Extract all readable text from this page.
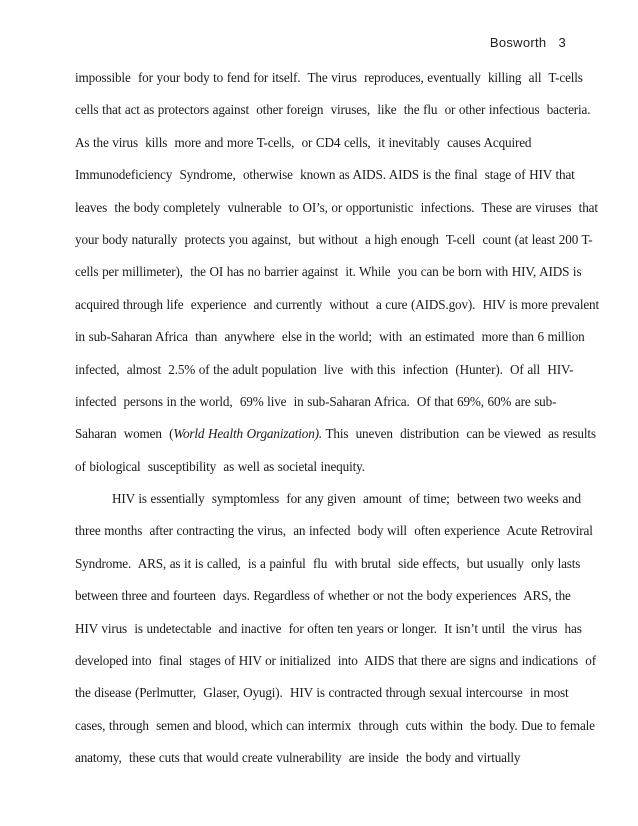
Bosworth 3
impossible  for your body to fend for itself.  The virus  reproduces, eventually  killing  all  T-cells
cells that act as protectors against  other foreign  viruses,  like  the flu  or other infectious  bacteria.
As the virus  kills  more and more T-cells,  or CD4 cells,  it inevitably  causes Acquired
Immunodeficiency  Syndrome,  otherwise  known as AIDS. AIDS is the final  stage of HIV that
leaves  the body completely  vulnerable  to OI’s, or opportunistic  infections.  These are viruses  that
your body naturally  protects you against,  but without  a high enough  T-cell  count (at least 200 T-
cells per millimeter),  the OI has no barrier against  it. While  you can be born with HIV, AIDS is
acquired through life  experience  and currently  without  a cure (AIDS.gov).  HIV is more prevalent
in sub-Saharan Africa  than  anywhere  else in the world;  with  an estimated  more than 6 million
infected,  almost  2.5% of the adult population  live  with this  infection  (Hunter).  Of all  HIV-
infected  persons in the world,  69% live  in sub-Saharan Africa.  Of that 69%, 60% are sub-
Saharan  women  (World Health Organization). This  uneven  distribution  can be viewed  as results
of biological  susceptibility  as well as societal inequity.
HIV is essentially  symptomless  for any given  amount  of time;  between two weeks and
three months  after contracting the virus,  an infected  body will  often experience  Acute Retroviral
Syndrome.  ARS, as it is called,  is a painful  flu  with brutal  side effects,  but usually  only lasts
between three and fourteen  days. Regardless of whether or not the body experiences  ARS, the
HIV virus  is undetectable  and inactive  for often ten years or longer.  It isn’t until  the virus  has
developed into  final  stages of HIV or initialized  into  AIDS that there are signs and indications  of
the disease (Perlmutter,  Glaser, Oyugi).  HIV is contracted through sexual intercourse  in most
cases, through  semen and blood, which can intermix  through  cuts within  the body. Due to female
anatomy,  these cuts that would create vulnerability  are inside  the body and virtually
